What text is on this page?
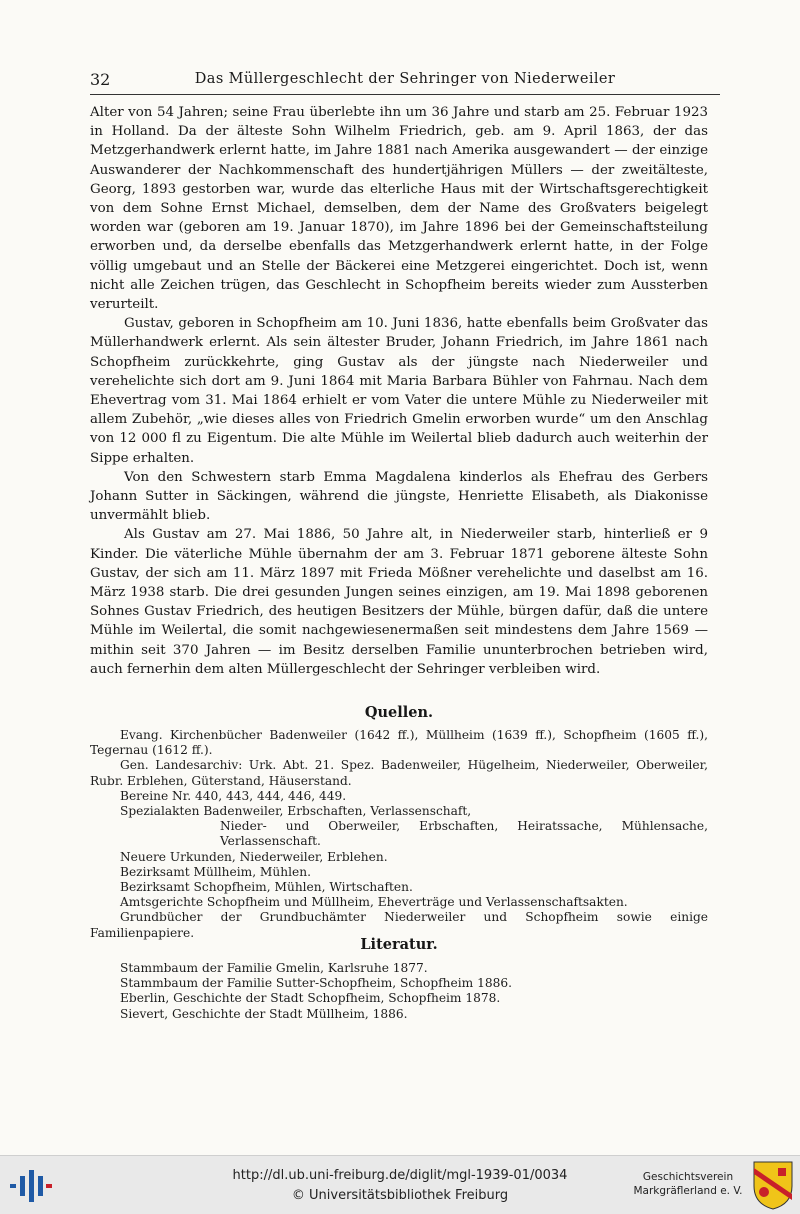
32	Das Müllergeschlecht der Sehringer von Niederweiler

Alter von 54 Jahren; seine Frau überlebte ihn um 36 Jahre und starb am 25. Februar 1923 in Holland. Da der älteste Sohn Wilhelm Friedrich, geb. am 9. April 1863, der das Metzgerhandwerk erlernt hatte, im Jahre 1881 nach Amerika ausgewandert — der einzige Auswanderer der Nachkommenschaft des hundertjährigen Müllers — der zweitälteste, Georg, 1893 gestorben war, wurde das elterliche Haus mit der Wirtschaftsgerechtigkeit von dem Sohne Ernst Michael, demselben, dem der Name des Großvaters beigelegt worden war (geboren am 19. Januar 1870), im Jahre 1896 bei der Gemeinschaftsteilung erworben und, da derselbe ebenfalls das Metzgerhandwerk erlernt hatte, in der Folge völlig umgebaut und an Stelle der Bäckerei eine Metzgerei eingerichtet. Doch ist, wenn nicht alle Zeichen trügen, das Geschlecht in Schopfheim bereits wieder zum Aussterben verurteilt.

Gustav, geboren in Schopfheim am 10. Juni 1836, hatte ebenfalls beim Großvater das Müllerhandwerk erlernt. Als sein ältester Bruder, Johann Friedrich, im Jahre 1861 nach Schopfheim zurückkehrte, ging Gustav als der jüngste nach Niederweiler und verehelichte sich dort am 9. Juni 1864 mit Maria Barbara Bühler von Fahrnau. Nach dem Ehevertrag vom 31. Mai 1864 erhielt er vom Vater die untere Mühle zu Niederweiler mit allem Zubehör, „wie dieses alles von Friedrich Gmelin erworben wurde“ um den Anschlag von 12 000 fl zu Eigentum. Die alte Mühle im Weilertal blieb dadurch auch weiterhin der Sippe erhalten.

Von den Schwestern starb Emma Magdalena kinderlos als Ehefrau des Gerbers Johann Sutter in Säckingen, während die jüngste, Henriette Elisabeth, als Diakonisse unvermählt blieb.

Als Gustav am 27. Mai 1886, 50 Jahre alt, in Niederweiler starb, hinterließ er 9 Kinder. Die väterliche Mühle übernahm der am 3. Februar 1871 geborene älteste Sohn Gustav, der sich am 11. März 1897 mit Frieda Mößner verehelichte und daselbst am 16. März 1938 starb. Die drei gesunden Jungen seines einzigen, am 19. Mai 1898 geborenen Sohnes Gustav Friedrich, des heutigen Besitzers der Mühle, bürgen dafür, daß die untere Mühle im Weilertal, die somit nachgewiesenermaßen seit mindestens dem Jahre 1569 — mithin seit 370 Jahren — im Besitz derselben Familie ununterbrochen betrieben wird, auch fernerhin dem alten Müllergeschlecht der Sehringer verbleiben wird.

Quellen.
Evang. Kirchenbücher Badenweiler (1642 ff.), Müllheim (1639 ff.), Schopfheim (1605 ff.), Tegernau (1612 ff.).
Gen. Landesarchiv: Urk. Abt. 21. Spez. Badenweiler, Hügelheim, Niederweiler, Oberweiler, Rubr. Erblehen, Güterstand, Häuserstand.
Bereine Nr. 440, 443, 444, 446, 449.
Spezialakten Badenweiler, Erbschaften, Verlassenschaft,
Nieder- und Oberweiler, Erbschaften, Heiratssache, Mühlensache, Verlassenschaft.
Neuere Urkunden, Niederweiler, Erblehen.
Bezirksamt Müllheim, Mühlen.
Bezirksamt Schopfheim, Mühlen, Wirtschaften.
Amtsgerichte Schopfheim und Müllheim, Eheverträge und Verlassenschaftsakten.
Grundbücher der Grundbuchämter Niederweiler und Schopfheim sowie einige Familienpapiere.
Literatur.
Stammbaum der Familie Gmelin, Karlsruhe 1877.
Stammbaum der Familie Sutter-Schopfheim, Schopfheim 1886.
Eberlin, Geschichte der Stadt Schopfheim, Schopfheim 1878.
Sievert, Geschichte der Stadt Müllheim, 1886.
http://dl.ub.uni-freiburg.de/diglit/mgl-1939-01/0034
© Universitätsbibliothek Freiburg
Geschichtsverein
Markgräflerland e. V.
